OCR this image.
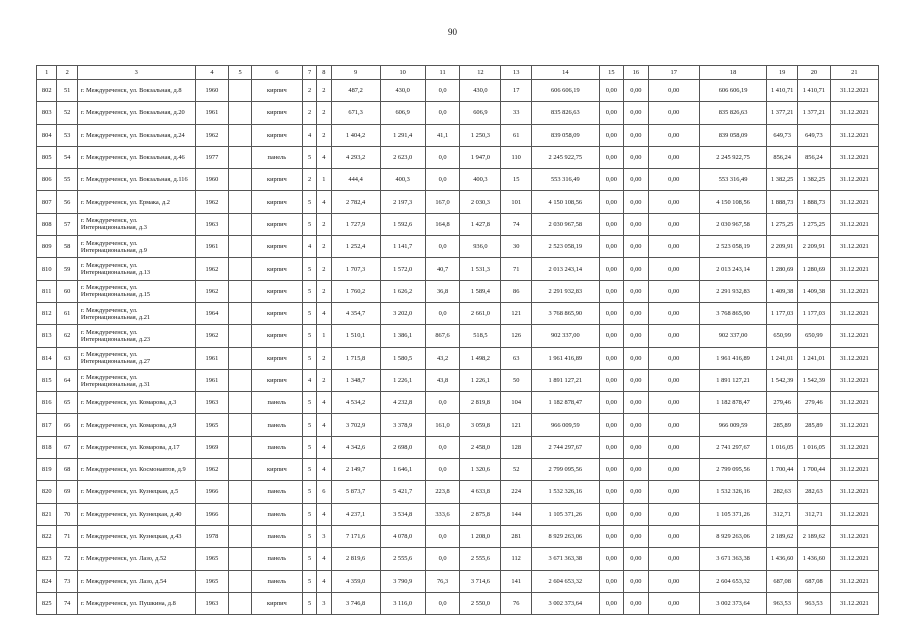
90
1	2	3	4	5	6	7	8	9	10	11	12	13	14	15	16	17	18	19	20	21
802	51	г. Междуреченск, ул. Вокзальная, д.8	1960		кирпич	2	2	487,2	430,0	0,0	430,0	17	606 606,19	0,00	0,00	0,00	606 606,19	1 410,71	1 410,71	31.12.2021
803	52	г. Междуреченск, ул. Вокзальная, д.20	1961		кирпич	2	2	671,3	606,9	0,0	606,9	33	835 826,63	0,00	0,00	0,00	835 826,63	1 377,21	1 377,21	31.12.2021
804	53	г. Междуреченск, ул. Вокзальная, д.24	1962		кирпич	4	2	1 404,2	1 291,4	41,1	1 250,3	61	839 058,09	0,00	0,00	0,00	839 058,09	649,73	649,73	31.12.2021
805	54	г. Междуреченск, ул. Вокзальная, д.46	1977		панель	5	4	4 293,2	2 623,0	0,0	1 947,0	110	2 245 922,75	0,00	0,00	0,00	2 245 922,75	856,24	856,24	31.12.2021
806	55	г. Междуреченск, ул. Вокзальная, д.116	1960		кирпич	2	1	444,4	400,3	0,0	400,3	15	553 316,49	0,00	0,00	0,00	553 316,49	1 382,25	1 382,25	31.12.2021
807	56	г. Междуреченск, ул. Ермака, д.2	1962		кирпич	5	4	2 782,4	2 197,3	167,0	2 030,3	101	4 150 108,56	0,00	0,00	0,00	4 150 108,56	1 888,73	1 888,73	31.12.2021
808	57	г. Междуреченск, ул. Интернациональная, д.3	1963		кирпич	5	2	1 727,9	1 592,6	164,8	1 427,8	74	2 030 967,58	0,00	0,00	0,00	2 030 967,58	1 275,25	1 275,25	31.12.2021
809	58	г. Междуреченск, ул. Интернациональная, д.9	1961		кирпич	4	2	1 252,4	1 141,7	0,0	936,0	30	2 523 058,19	0,00	0,00	0,00	2 523 058,19	2 209,91	2 209,91	31.12.2021
810	59	г. Междуреченск, ул. Интернациональная, д.13	1962		кирпич	5	2	1 707,3	1 572,0	40,7	1 531,3	71	2 013 243,14	0,00	0,00	0,00	2 013 243,14	1 280,69	1 280,69	31.12.2021
811	60	г. Междуреченск, ул. Интернациональная, д.15	1962		кирпич	5	2	1 760,2	1 626,2	36,8	1 589,4	86	2 291 932,83	0,00	0,00	0,00	2 291 932,83	1 409,38	1 409,38	31.12.2021
812	61	г. Междуреченск, ул. Интернациональная, д.21	1964		кирпич	5	4	4 354,7	3 202,0	0,0	2 661,0	121	3 768 865,90	0,00	0,00	0,00	3 768 865,90	1 177,03	1 177,03	31.12.2021
813	62	г. Междуреченск, ул. Интернациональная, д.23	1962		кирпич	5	1	1 510,1	1 386,1	867,6	518,5	126	902 337,00	0,00	0,00	0,00	902 337,00	650,99	650,99	31.12.2021
814	63	г. Междуреченск, ул. Интернациональная, д.27	1961		кирпич	5	2	1 715,8	1 580,5	43,2	1 498,2	63	1 961 416,89	0,00	0,00	0,00	1 961 416,89	1 241,01	1 241,01	31.12.2021
815	64	г. Междуреченск, ул. Интернациональная, д.31	1961		кирпич	4	2	1 348,7	1 226,1	43,8	1 226,1	50	1 891 127,21	0,00	0,00	0,00	1 891 127,21	1 542,39	1 542,39	31.12.2021
816	65	г. Междуреченск, ул. Комарова, д.3	1963		панель	5	4	4 534,2	4 232,8	0,0	2 819,8	104	1 182 878,47	0,00	0,00	0,00	1 182 878,47	279,46	279,46	31.12.2021
817	66	г. Междуреченск, ул. Комарова, д.9	1965		панель	5	4	3 702,9	3 378,9	161,0	3 059,8	121	966 009,59	0,00	0,00	0,00	966 009,59	285,89	285,89	31.12.2021
818	67	г. Междуреченск, ул. Комарова, д.17	1969		панель	5	4	4 342,6	2 698,0	0,0	2 458,0	128	2 744 297,67	0,00	0,00	0,00	2 741 297,67	1 016,05	1 016,05	31.12.2021
819	68	г. Междуреченск, ул. Космонавтов, д.9	1962		кирпич	5	4	2 149,7	1 646,1	0,0	1 320,6	52	2 799 095,56	0,00	0,00	0,00	2 799 095,56	1 700,44	1 700,44	31.12.2021
820	69	г. Междуреченск, ул. Кузнецкая, д.5	1966		панель	5	6	5 873,7	5 421,7	223,8	4 633,8	224	1 532 326,16	0,00	0,00	0,00	1 532 326,16	282,63	282,63	31.12.2021
821	70	г. Междуреченск, ул. Кузнецкая, д.40	1966		панель	5	4	4 237,1	3 534,8	333,6	2 875,8	144	1 105 371,26	0,00	0,00	0,00	1 105 371,26	312,71	312,71	31.12.2021
822	71	г. Междуреченск, ул. Кузнецкая, д.43	1978		панель	5	3	7 171,6	4 078,0	0,0	1 208,0	281	8 929 263,06	0,00	0,00	0,00	8 929 263,06	2 189,62	2 189,62	31.12.2021
823	72	г. Междуреченск, ул. Лазо, д.52	1965		панель	5	4	2 819,6	2 555,6	0,0	2 555,6	112	3 671 363,38	0,00	0,00	0,00	3 671 363,38	1 436,60	1 436,60	31.12.2021
824	73	г. Междуреченск, ул. Лазо, д.54	1965		панель	5	4	4 359,0	3 790,9	76,3	3 714,6	141	2 604 653,32	0,00	0,00	0,00	2 604 653,32	687,08	687,08	31.12.2021
825	74	г. Междуреченск, ул. Пушкина, д.8	1963		кирпич	5	3	3 746,8	3 116,0	0,0	2 550,0	76	3 002 373,64	0,00	0,00	0,00	3 002 373,64	963,53	963,53	31.12.2021
